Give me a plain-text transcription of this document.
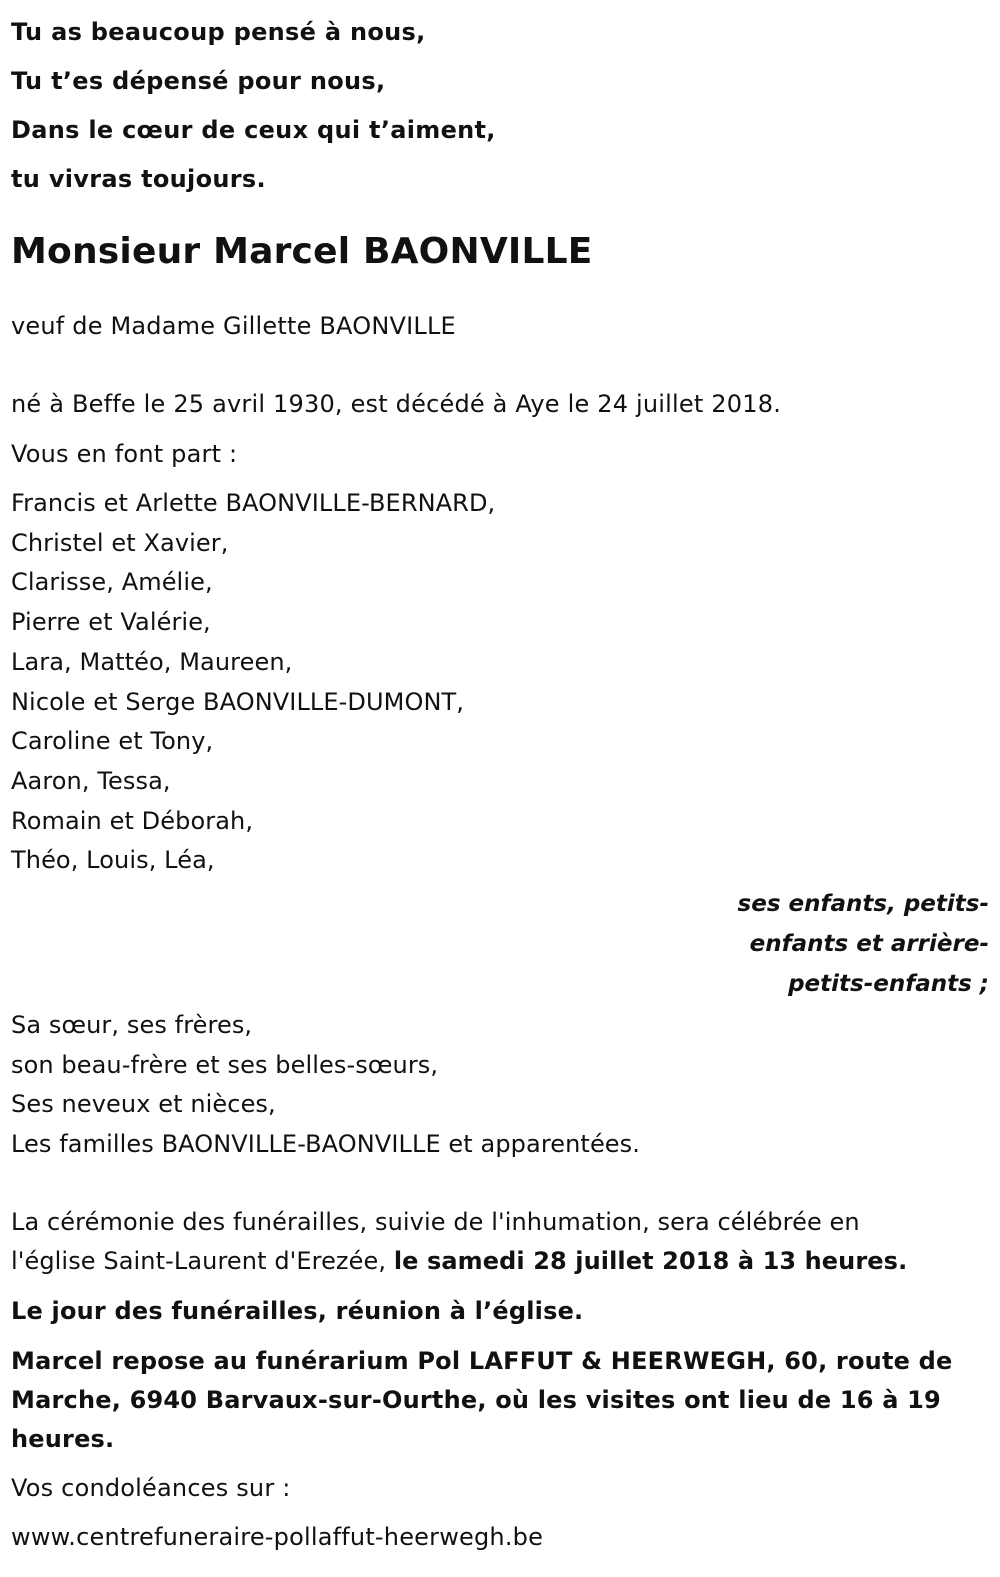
Tu as beaucoup pensé à nous,
Tu t’es dépensé pour nous,
Dans le cœur de ceux qui t’aiment,
tu vivras toujours.
Monsieur Marcel BAONVILLE
veuf de Madame Gillette BAONVILLE
né à Beffe le 25 avril 1930, est décédé à Aye le 24 juillet 2018.
Vous en font part :
Francis et Arlette BAONVILLE-BERNARD,
Christel et Xavier,
Clarisse, Amélie,
Pierre et Valérie,
Lara, Mattéo, Maureen,
Nicole et Serge BAONVILLE-DUMONT,
Caroline et Tony,
Aaron, Tessa,
Romain et Déborah,
Théo, Louis, Léa,
ses enfants, petits-
enfants et arrière-
petits-enfants ;
Sa sœur, ses frères,
son beau-frère et ses belles-sœurs,
Ses neveux et nièces,
Les familles BAONVILLE-BAONVILLE et apparentées.
La cérémonie des funérailles, suivie de l'inhumation, sera célébrée en l'église Saint-Laurent d'Erezée, le samedi 28 juillet 2018 à 13 heures.
Le jour des funérailles, réunion à l’église.
Marcel repose au funérarium Pol LAFFUT & HEERWEGH, 60, route de Marche, 6940 Barvaux-sur-Ourthe, où les visites ont lieu de 16 à 19 heures.
Vos condoléances sur :
www.centrefuneraire-pollaffut-heerwegh.be
